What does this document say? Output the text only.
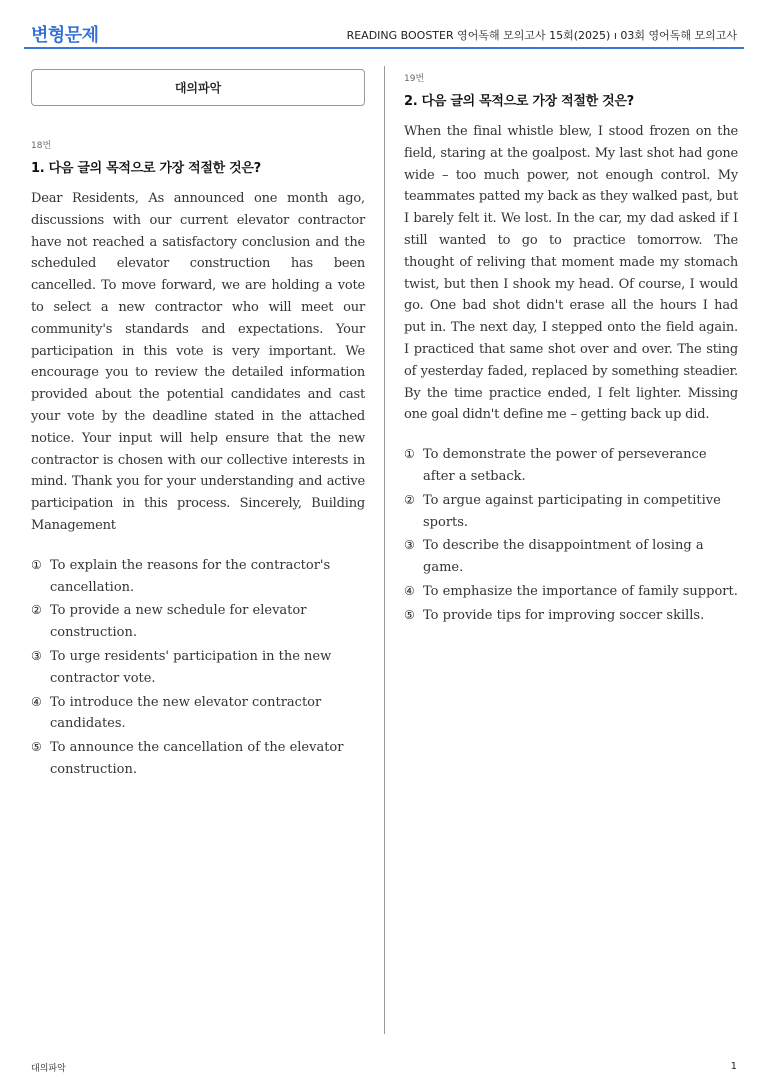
변형문제	READING BOOSTER 영어독해 모의고사 15회(2025) ı 03회 영어독해 모의고사
대의파악
18번
1. 다음 글의 목적으로 가장 적절한 것은?
Dear Residents, As announced one month ago, discussions with our current elevator contractor have not reached a satisfactory conclusion and the scheduled elevator construction has been cancelled. To move forward, we are holding a vote to select a new contractor who will meet our community's standards and expectations. Your participation in this vote is very important. We encourage you to review the detailed information provided about the potential candidates and cast your vote by the deadline stated in the attached notice. Your input will help ensure that the new contractor is chosen with our collective interests in mind. Thank you for your understanding and active participation in this process. Sincerely, Building Management
① To explain the reasons for the contractor's cancellation.
② To provide a new schedule for elevator construction.
③ To urge residents' participation in the new contractor vote.
④ To introduce the new elevator contractor candidates.
⑤ To announce the cancellation of the elevator construction.
19번
2. 다음 글의 목적으로 가장 적절한 것은?
When the final whistle blew, I stood frozen on the field, staring at the goalpost. My last shot had gone wide – too much power, not enough control. My teammates patted my back as they walked past, but I barely felt it. We lost. In the car, my dad asked if I still wanted to go to practice tomorrow. The thought of reliving that moment made my stomach twist, but then I shook my head. Of course, I would go. One bad shot didn't erase all the hours I had put in. The next day, I stepped onto the field again. I practiced that same shot over and over. The sting of yesterday faded, replaced by something steadier. By the time practice ended, I felt lighter. Missing one goal didn't define me – getting back up did.
① To demonstrate the power of perseverance after a setback.
② To argue against participating in competitive sports.
③ To describe the disappointment of losing a game.
④ To emphasize the importance of family support.
⑤ To provide tips for improving soccer skills.
대의파악	1
